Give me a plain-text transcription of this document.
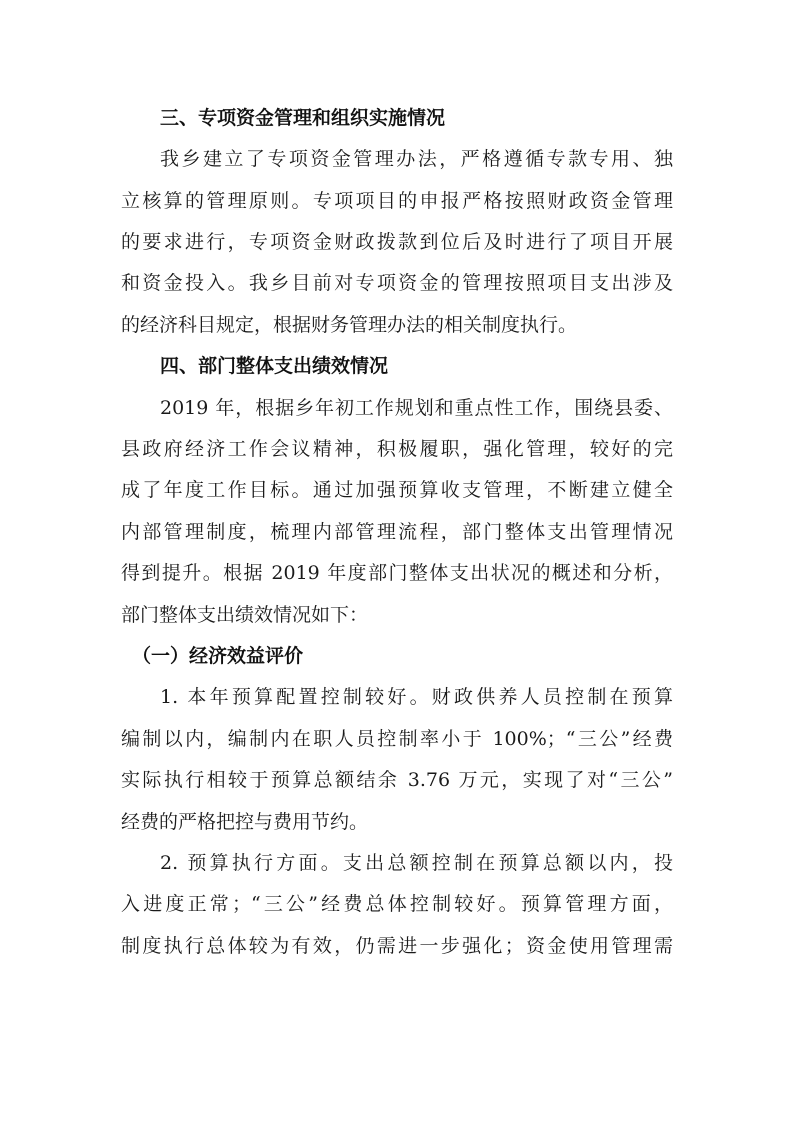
三、专项资金管理和组织实施情况
我乡建立了专项资金管理办法，严格遵循专款专用、独
立核算的管理原则。专项项目的申报严格按照财政资金管理
的要求进行，专项资金财政拨款到位后及时进行了项目开展
和资金投入。我乡目前对专项资金的管理按照项目支出涉及
的经济科目规定，根据财务管理办法的相关制度执行。
四、部门整体支出绩效情况
2019 年，根据乡年初工作规划和重点性工作，围绕县委、
县政府经济工作会议精神，积极履职，强化管理，较好的完
成了年度工作目标。通过加强预算收支管理，不断建立健全
内部管理制度，梳理内部管理流程，部门整体支出管理情况
得到提升。根据 2019 年度部门整体支出状况的概述和分析，
部门整体支出绩效情况如下：
（一）经济效益评价
1. 本年预算配置控制较好。财政供养人员控制在预算
编制以内，编制内在职人员控制率小于 100%；“三公”经费
实际执行相较于预算总额结余 3.76 万元，实现了对“三公”
经费的严格把控与费用节约。
2. 预算执行方面。支出总额控制在预算总额以内，投
入进度正常；“三公”经费总体控制较好。预算管理方面，
制度执行总体较为有效，仍需进一步强化；资金使用管理需
